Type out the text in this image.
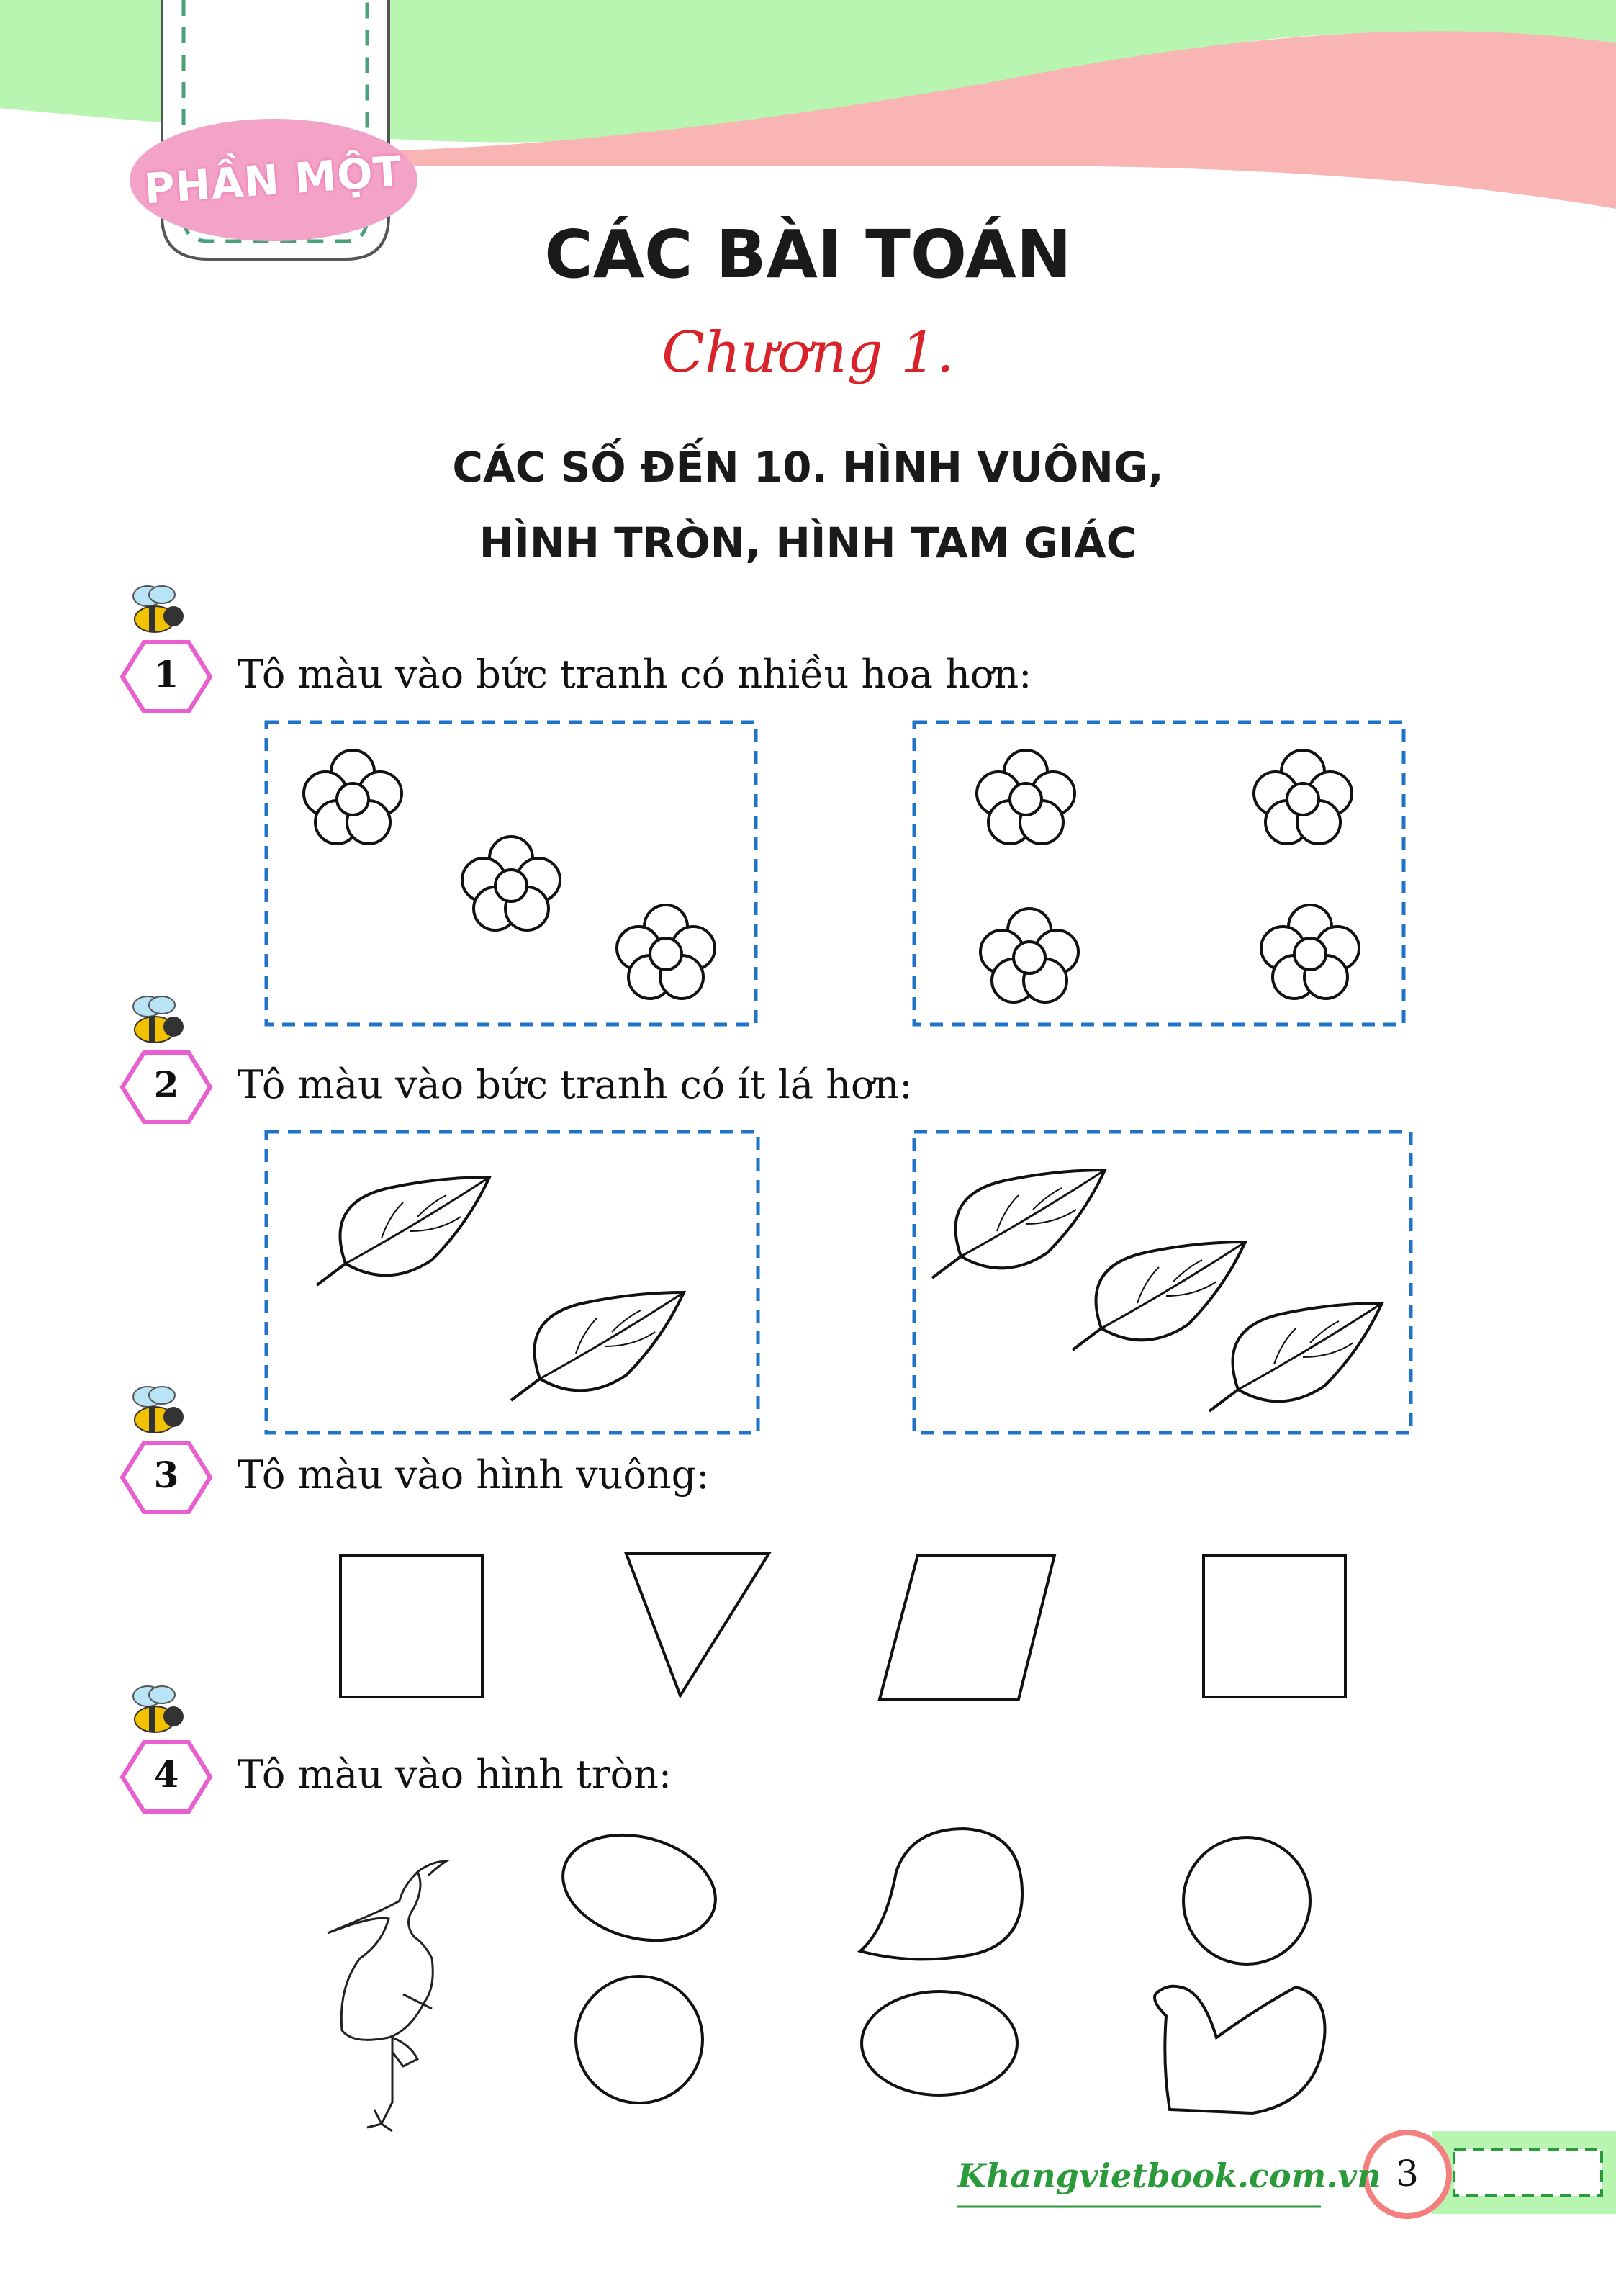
PHẦN MỘT
CÁC BÀI TOÁN
Chương 1.
CÁC SỐ ĐẾN 10. HÌNH VUÔNG,
HÌNH TRÒN, HÌNH TAM GIÁC
1
2
3
4
Tô màu vào bức tranh có nhiều hoa hơn:
Tô màu vào bức tranh có ít lá hơn:
Tô màu vào hình vuông:
Tô màu vào hình tròn:
Khangvietbook.com.vn 3
